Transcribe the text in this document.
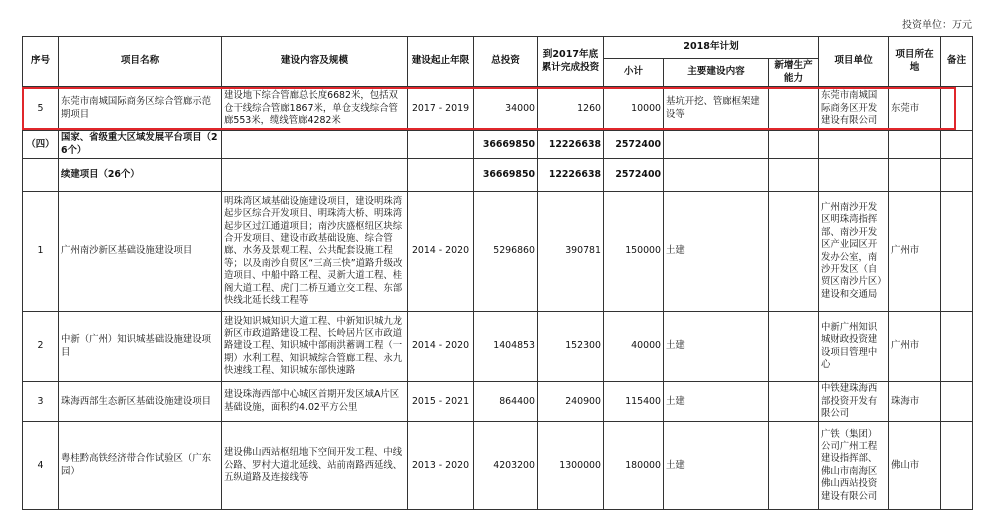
投资单位：万元
序号	项目名称	建设内容及规模	建设起止年限	总投资	到2017年底累计完成投资	2018年计划			项目单位	项目所在地	备注
						小计	主要建设内容	新增生产能力			
5	东莞市南城国际商务区综合管廊示范期项目	建设地下综合管廊总长度6682米，包括双仓干线综合管廊1867米，单仓支线综合管廊553米，缆线管廊4282米	2017 - 2019	34000	1260	10000	基坑开挖、管廊框架建设等		东莞市南城国际商务区开发建设有限公司	东莞市	
（四）	国家、省级重大区域发展平台项目（26个）			36669850	12226638	2572400					
	续建项目（26个）			36669850	12226638	2572400					
1	广州南沙新区基础设施建设项目	明珠湾区域基础设施建设项目，建设明珠湾起步区综合开发项目、明珠湾大桥、明珠湾起步区过江通道项目；南沙庆盛枢纽区块综合开发项目、建设市政基础设施、综合管廊、水务及景观工程、公共配套设施工程等；以及南沙自贸区“三高三快”道路升级改造项目、中船中路工程、灵新大道工程、桂阁大道工程、虎门二桥互通立交工程、东部快线北延长线工程等	2014 - 2020	5296860	390781	150000	土建		广州南沙开发区明珠湾指挥部、南沙开发区产业园区开发办公室，南沙开发区（自贸区南沙片区）建设和交通局	广州市	
2	中新（广州）知识城基础设施建设项目	建设知识城知识大道工程、中新知识城九龙新区市政道路建设工程、长岭居片区市政道路建设工程、知识城中部雨洪蓄调工程（一期）水利工程、知识城综合管廊工程、永九快速线工程、知识城东部快速路	2014 - 2020	1404853	152300	40000	土建		中新广州知识城财政投资建设项目管理中心	广州市	
3	珠海西部生态新区基础设施建设项目	建设珠海西部中心城区首期开发区域A片区基础设施，面积约4.02平方公里	2015 - 2021	864400	240900	115400	土建		中铁建珠海西部投资开发有限公司	珠海市	
4	粤桂黔高铁经济带合作试验区（广东园）	建设佛山西站枢纽地下空间开发工程、中线公路、罗村大道北延线、站前南路西延线、五纵道路及连接线等	2013 - 2020	4203200	1300000	180000	土建		广铁（集团）公司广州工程建设指挥部、佛山市南海区佛山西站投资建设有限公司	佛山市	
